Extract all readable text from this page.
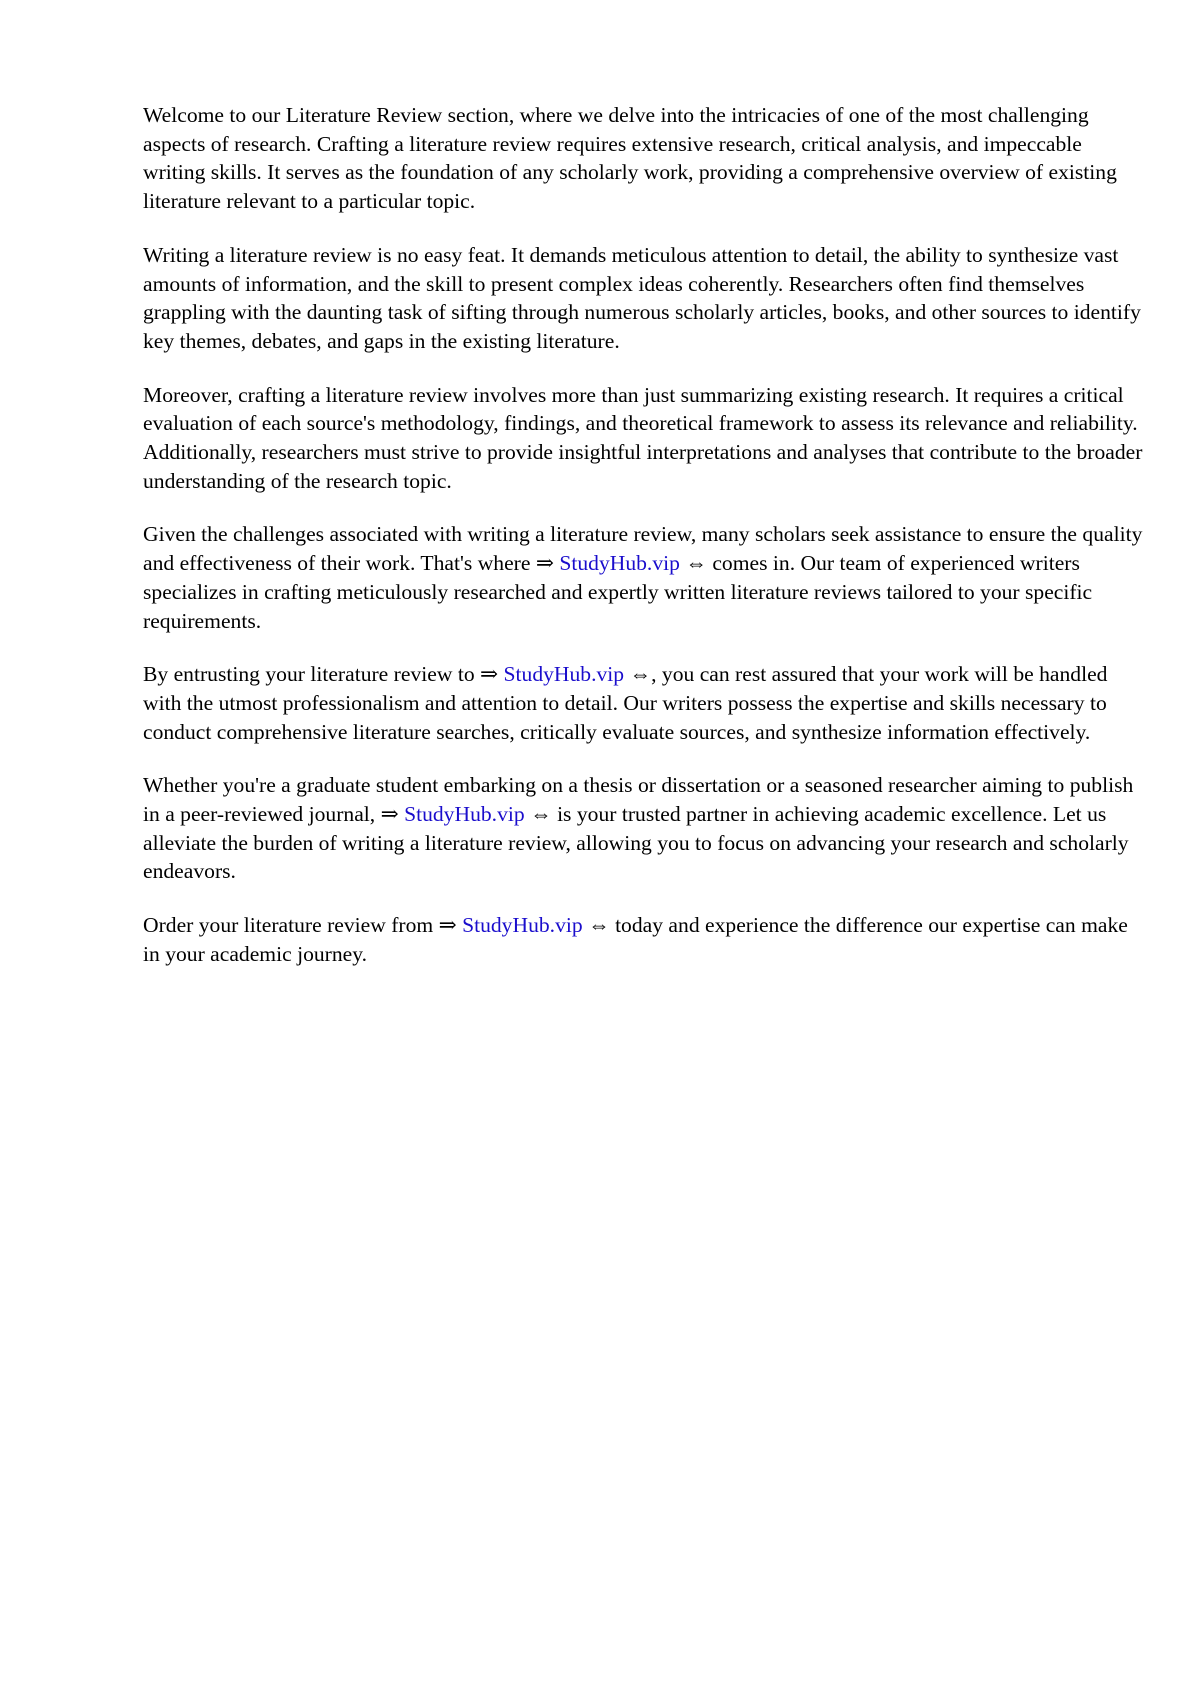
Welcome to our Literature Review section, where we delve into the intricacies of one of the most challenging aspects of research. Crafting a literature review requires extensive research, critical analysis, and impeccable writing skills. It serves as the foundation of any scholarly work, providing a comprehensive overview of existing literature relevant to a particular topic.

Writing a literature review is no easy feat. It demands meticulous attention to detail, the ability to synthesize vast amounts of information, and the skill to present complex ideas coherently. Researchers often find themselves grappling with the daunting task of sifting through numerous scholarly articles, books, and other sources to identify key themes, debates, and gaps in the existing literature.

Moreover, crafting a literature review involves more than just summarizing existing research. It requires a critical evaluation of each source's methodology, findings, and theoretical framework to assess its relevance and reliability. Additionally, researchers must strive to provide insightful interpretations and analyses that contribute to the broader understanding of the research topic.

Given the challenges associated with writing a literature review, many scholars seek assistance to ensure the quality and effectiveness of their work. That's where ⇒ StudyHub.vip ⇔ comes in. Our team of experienced writers specializes in crafting meticulously researched and expertly written literature reviews tailored to your specific requirements.

By entrusting your literature review to ⇒ StudyHub.vip ⇔, you can rest assured that your work will be handled with the utmost professionalism and attention to detail. Our writers possess the expertise and skills necessary to conduct comprehensive literature searches, critically evaluate sources, and synthesize information effectively.

Whether you're a graduate student embarking on a thesis or dissertation or a seasoned researcher aiming to publish in a peer-reviewed journal, ⇒ StudyHub.vip ⇔ is your trusted partner in achieving academic excellence. Let us alleviate the burden of writing a literature review, allowing you to focus on advancing your research and scholarly endeavors.

Order your literature review from ⇒ StudyHub.vip ⇔ today and experience the difference our expertise can make in your academic journey.
